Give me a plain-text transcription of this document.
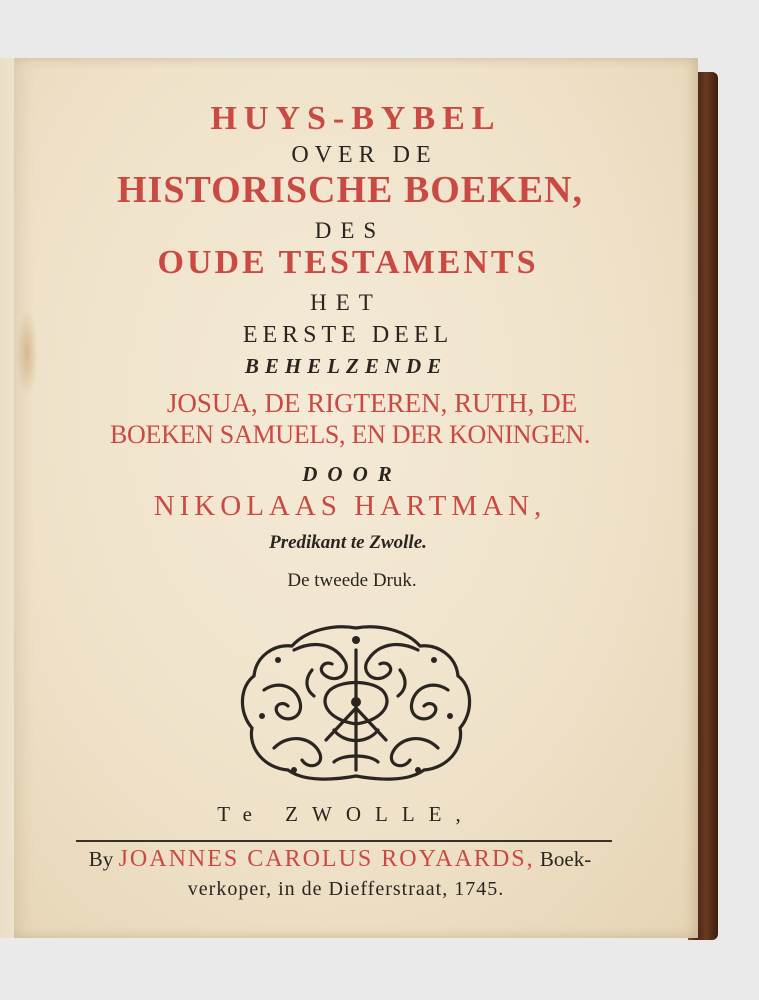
HUYS-BYBEL
OVER DE
HISTORISCHE BOEKEN,
DES
OUDE TESTAMENTS
HET
EERSTE DEEL
BEHELZENDE
JOSUA, DE RIGTEREN, RUTH, DE
BOEKEN SAMUELS, EN DER KONINGEN.
DOOR
NIKOLAAS HARTMAN,
Predikant te Zwolle.
De tweede Druk.
Te ZWOLLE,
By JOANNES CAROLUS ROYAARDS, Boek-
verkoper, in de Diefferstraat, 1745.
